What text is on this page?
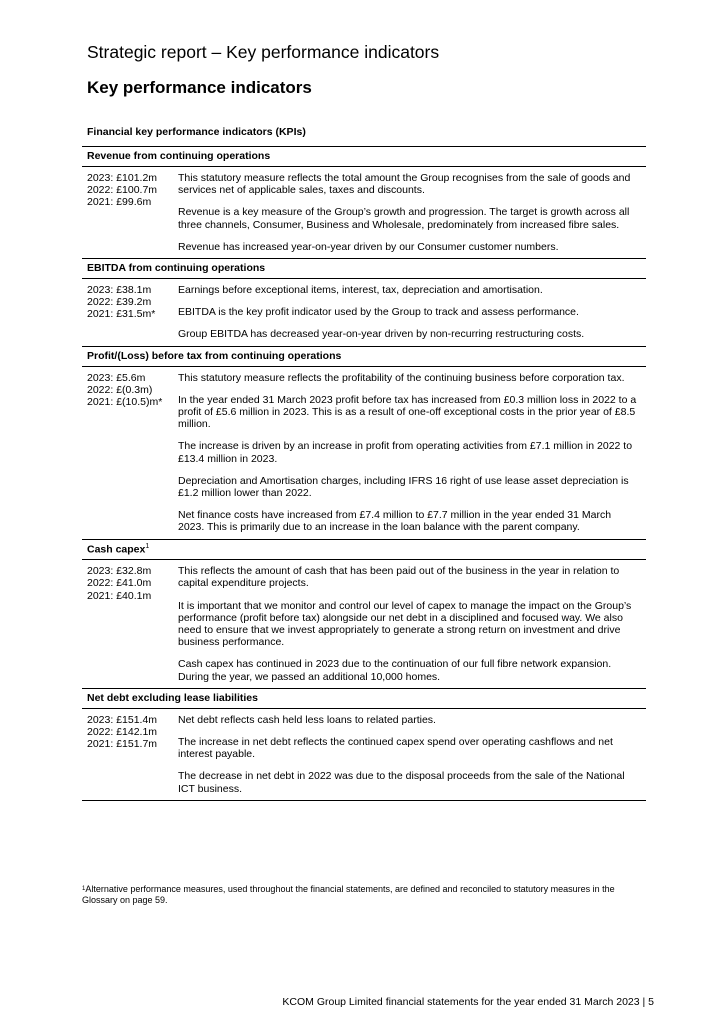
Strategic report – Key performance indicators
Key performance indicators
Financial key performance indicators (KPIs)
Revenue from continuing operations
2023: £101.2m
2022: £100.7m
2021: £99.6m

This statutory measure reflects the total amount the Group recognises from the sale of goods and services net of applicable sales, taxes and discounts.

Revenue is a key measure of the Group’s growth and progression. The target is growth across all three channels, Consumer, Business and Wholesale, predominately from increased fibre sales.

Revenue has increased year-on-year driven by our Consumer customer numbers.

EBITDA from continuing operations
2023: £38.1m
2022: £39.2m
2021: £31.5m*

Earnings before exceptional items, interest, tax, depreciation and amortisation.

EBITDA is the key profit indicator used by the Group to track and assess performance.

Group EBITDA has decreased year-on-year driven by non-recurring restructuring costs.

Profit/(Loss) before tax from continuing operations
2023: £5.6m
2022: £(0.3m)
2021: £(10.5)m*

This statutory measure reflects the profitability of the continuing business before corporation tax.

In the year ended 31 March 2023 profit before tax has increased from £0.3 million loss in 2022 to a profit of £5.6 million in 2023. This is as a result of one-off exceptional costs in the prior year of £8.5 million.

The increase is driven by an increase in profit from operating activities from £7.1 million in 2022 to £13.4 million in 2023.

Depreciation and Amortisation charges, including IFRS 16 right of use lease asset depreciation is £1.2 million lower than 2022.

Net finance costs have increased from £7.4 million to £7.7 million in the year ended 31 March 2023. This is primarily due to an increase in the loan balance with the parent company.

Cash capex$^1$
2023: £32.8m
2022: £41.0m
2021: £40.1m

This reflects the amount of cash that has been paid out of the business in the year in relation to capital expenditure projects.

It is important that we monitor and control our level of capex to manage the impact on the Group’s performance (profit before tax) alongside our net debt in a disciplined and focused way. We also need to ensure that we invest appropriately to generate a strong return on investment and drive business performance.

Cash capex has continued in 2023 due to the continuation of our full fibre network expansion. During the year, we passed an additional 10,000 homes.

Net debt excluding lease liabilities
2023: £151.4m
2022: £142.1m
2021: £151.7m

Net debt reflects cash held less loans to related parties.

The increase in net debt reflects the continued capex spend over operating cashflows and net interest payable.

The decrease in net debt in 2022 was due to the disposal proceeds from the sale of the National ICT business.

$^1$Alternative performance measures, used throughout the financial statements, are defined and reconciled to statutory measures in the Glossary on page 59.
KCOM Group Limited financial statements for the year ended 31 March 2023 | 5
